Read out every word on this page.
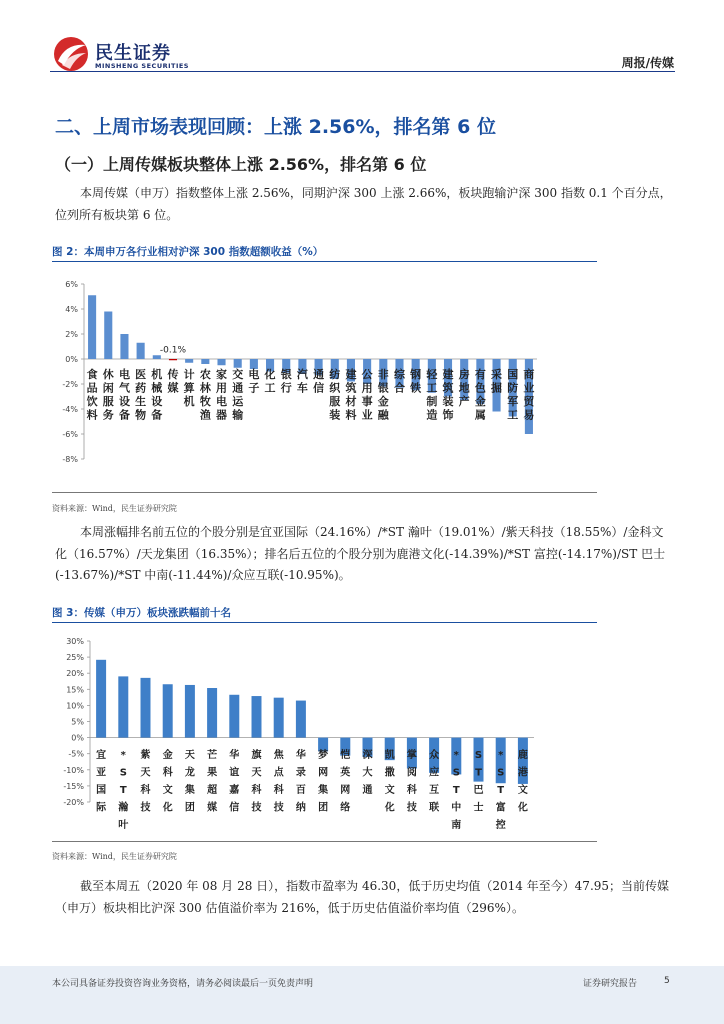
民生证券
MINSHENG SECURITIES	周报/传媒
二、上周市场表现回顾：上涨 2.56%，排名第 6 位
（一）上周传媒板块整体上涨 2.56%，排名第 6 位
本周传媒（申万）指数整体上涨 2.56%，同期沪深 300 上涨 2.66%，板块跑输沪深 300 指数 0.1 个百分点，位列所有板块第 6 位。
图 2：本周申万各行业相对沪深 300 指数超额收益（%）
6%
4%
2%
0%
-2%
-4%
-6%
-8%
食品饮料
休闲服务
电气设备
医药生物
机械设备
-0.1%
传媒
计算机
农林牧渔
家用电器
交通运输
电子
化工
银行
汽车
通信
纺织服装
建筑材料
公用事业
非银金融
综合
钢铁
轻工制造
建筑装饰
房地产
有色金属
采掘
国防军工
商业贸易
资料来源：Wind，民生证券研究院
本周涨幅排名前五位的个股分别是宜亚国际（24.16%）/*ST 瀚叶（19.01%）/紫天科技（18.55%）/金科文化（16.57%）/天龙集团（16.35%）；排名后五位的个股分别为鹿港文化(-14.39%)/*ST 富控(-14.17%)/ST 巴士(-13.67%)/*ST 中南(-11.44%)/众应互联(-10.95%)。
图 3：传媒（申万）板块涨跌幅前十名
30%
25%
20%
15%
10%
5%
0%
-5%
-10%
-15%
-20%
宜亚国际
* S T 瀚叶
紫天科技
金科文化
天龙集团
芒果超媒
华谊嘉信
旗天科技
焦点科技
华录百纳
梦网集团
恺英网络
深大通
凯撒文化
掌阅科技
众应互联
* S T 中南
S T 巴士
* S T 富控
鹿港文化
资料来源：Wind，民生证券研究院
截至本周五（2020 年 08 月 28 日），指数市盈率为 46.30，低于历史均值（2014 年至今）47.95；当前传媒（申万）板块相比沪深 300 估值溢价率为 216%，低于历史估值溢价率均值（296%）。
本公司具备证券投资咨询业务资格，请务必阅读最后一页免责声明	证券研究报告	5
